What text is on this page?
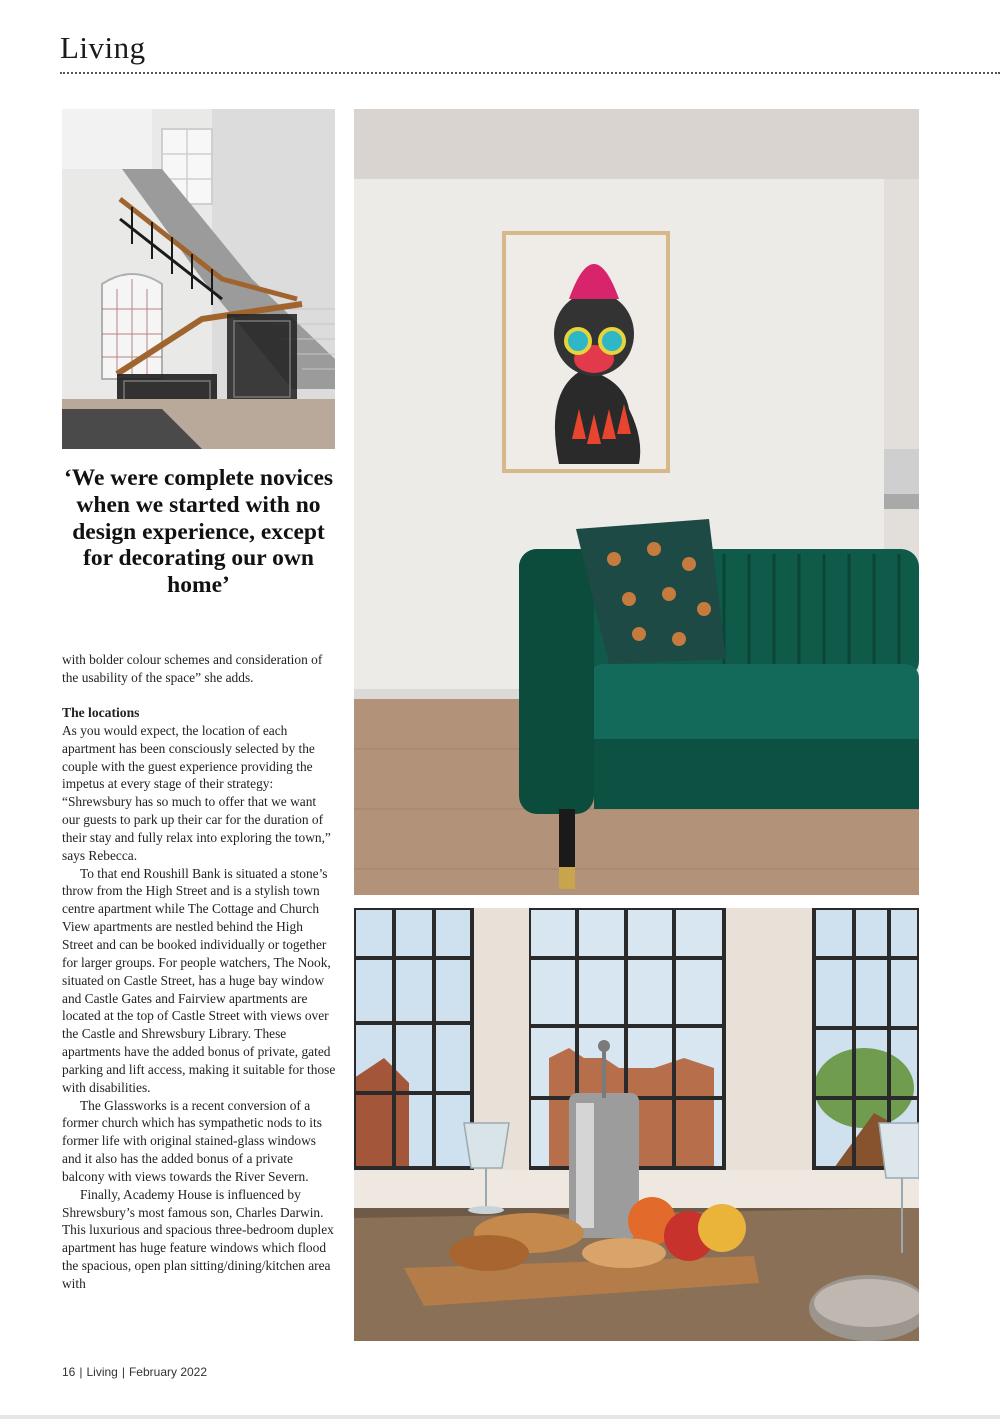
Living

‘We were complete novices when we started with no design experience, except for decorating our own home’

with bolder colour schemes and consideration of the usability of the space” she adds.

The locations

As you would expect, the location of each apartment has been consciously selected by the couple with the guest experience providing the impetus at every stage of their strategy: “Shrewsbury has so much to offer that we want our guests to park up their car for the duration of their stay and fully relax into exploring the town,” says Rebecca.

To that end Roushill Bank is situated a stone’s throw from the High Street and is a stylish town centre apartment while The Cottage and Church View apartments are nestled behind the High Street and can be booked individually or together for larger groups. For people watchers, The Nook, situated on Castle Street, has a huge bay window and Castle Gates and Fairview apartments are located at the top of Castle Street with views over the Castle and Shrewsbury Library. These apartments have the added bonus of private, gated parking and lift access, making it suitable for those with disabilities.

The Glassworks is a recent conversion of a former church which has sympathetic nods to its former life with original stained-glass windows and it also has the added bonus of a private balcony with views towards the River Severn.

Finally, Academy House is influenced by Shrewsbury’s most famous son, Charles Darwin. This luxurious and spacious three-bedroom duplex apartment has huge feature windows which flood the spacious, open plan sitting/dining/kitchen area with

16 | Living | February 2022
